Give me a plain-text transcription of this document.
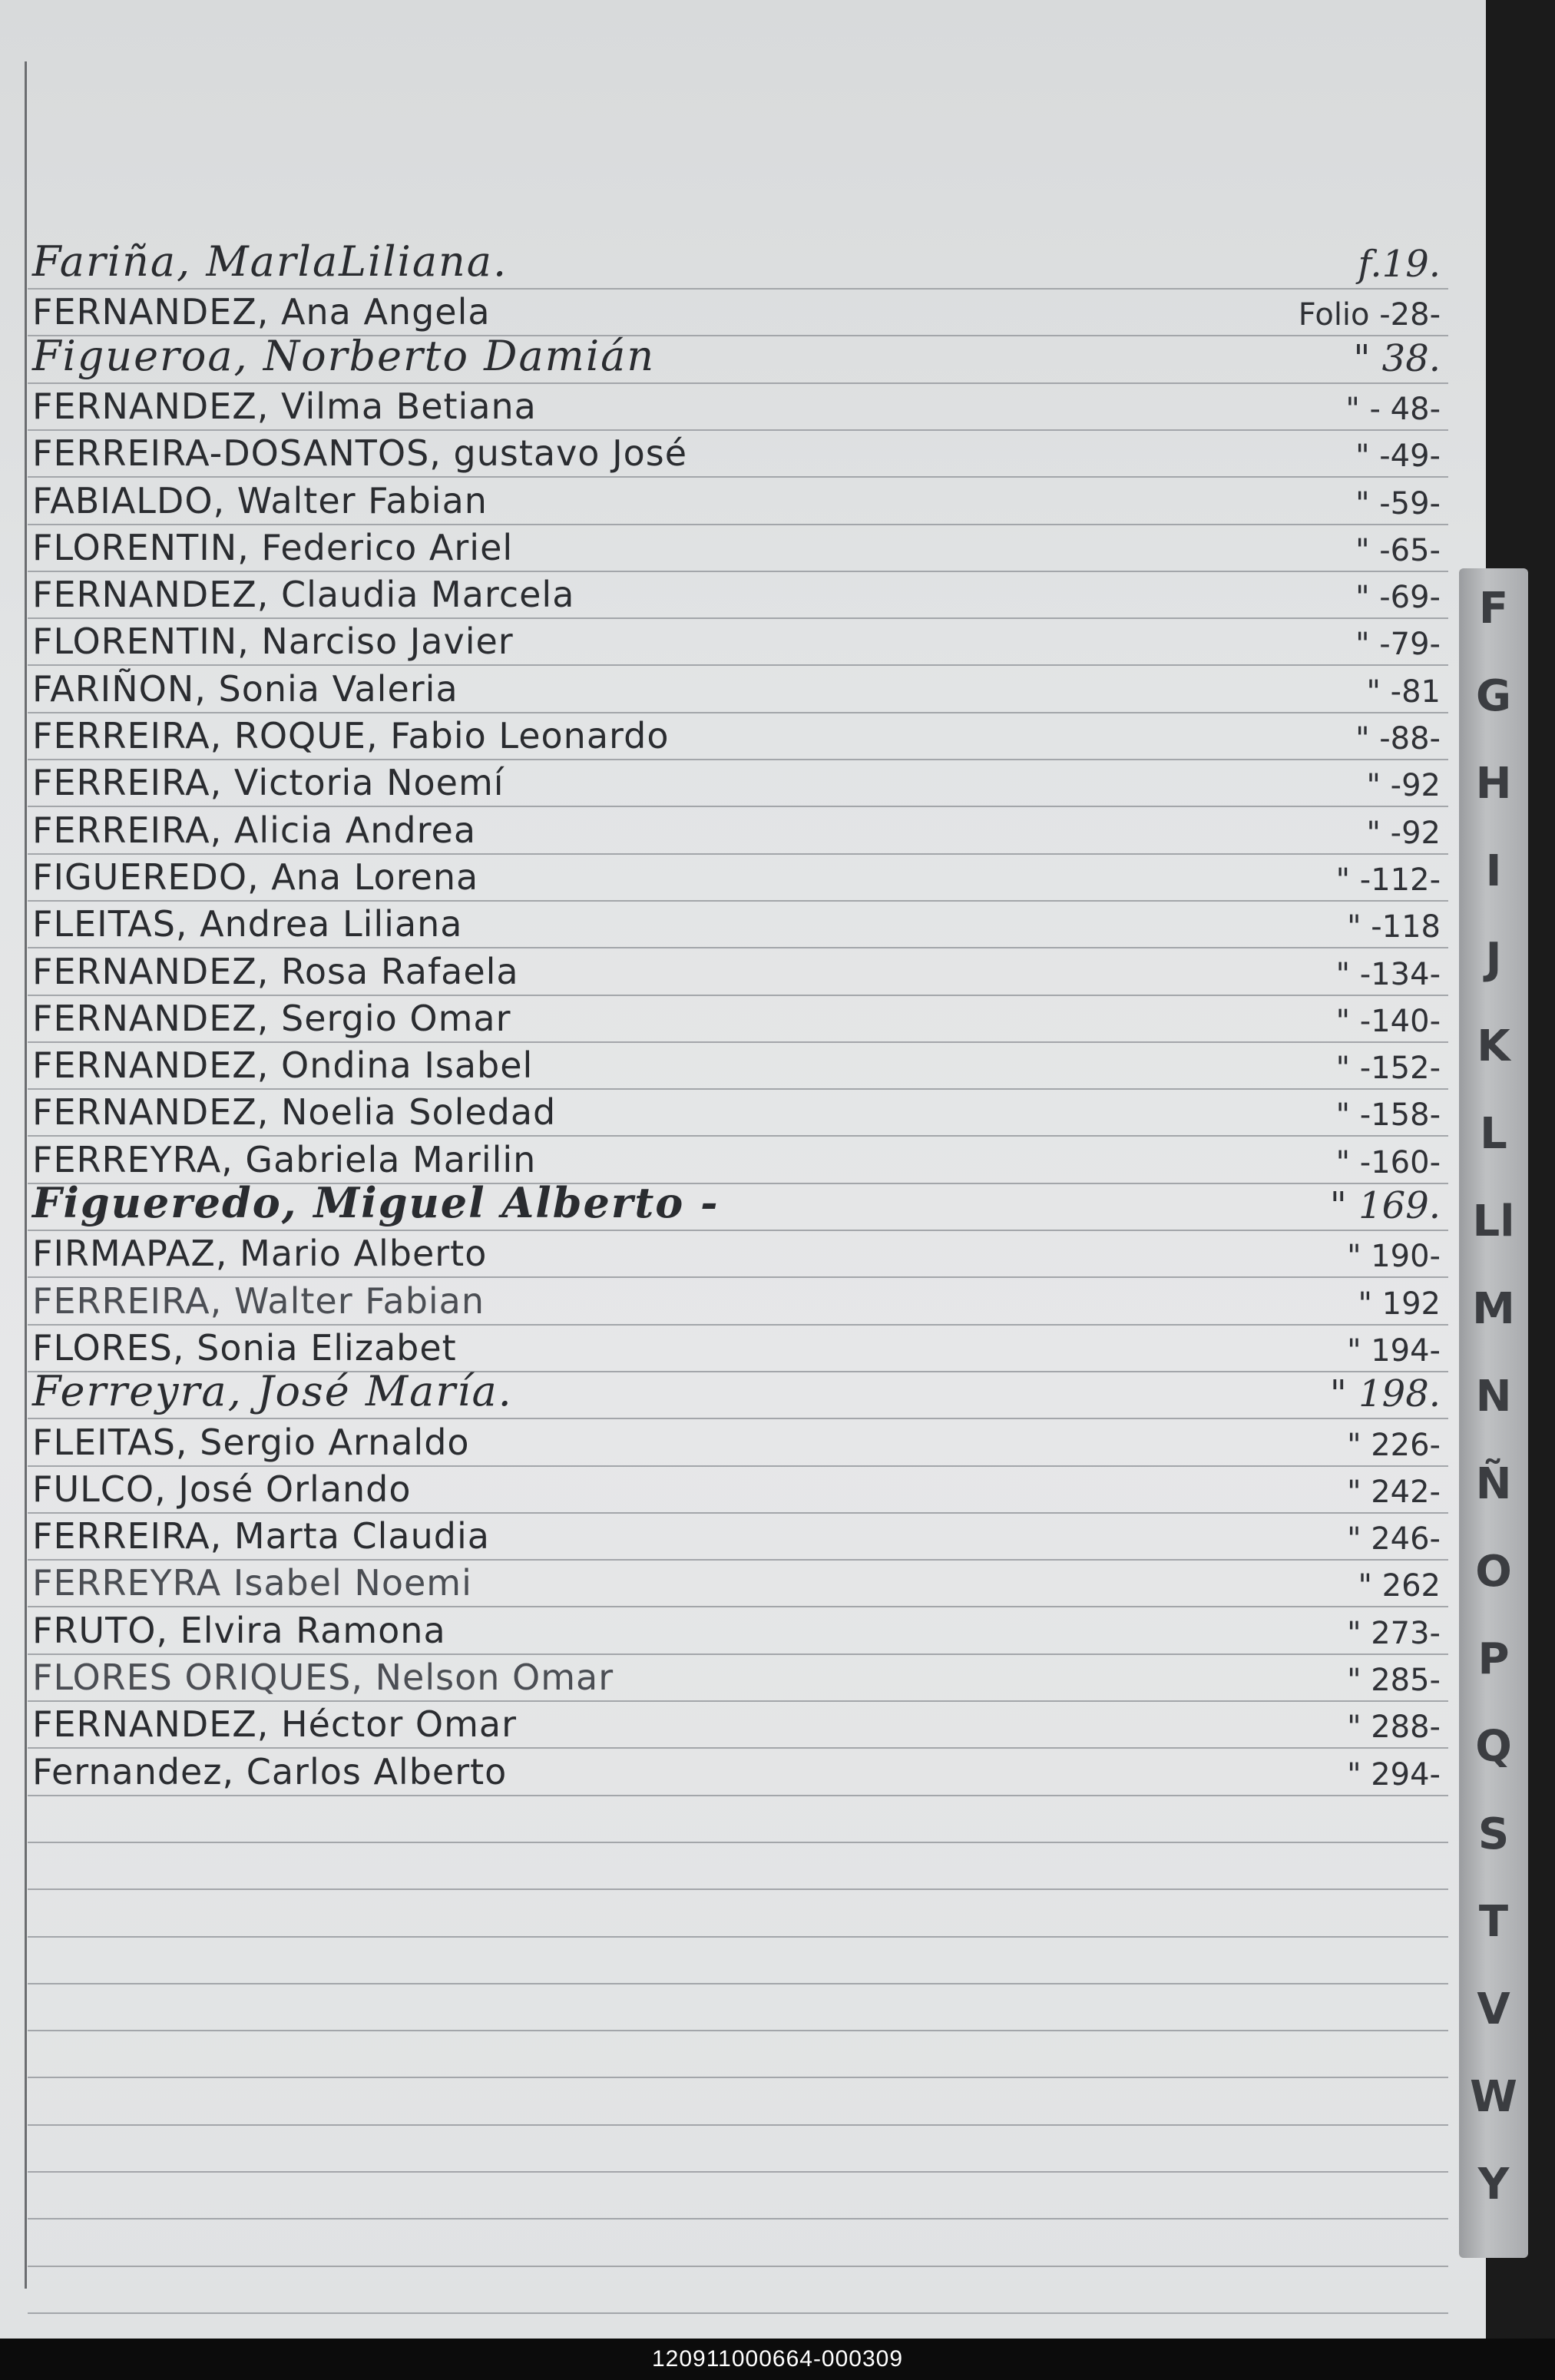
Fariña, MarlaLiliana.	f.19.
FERNANDEZ, Ana Angela	Folio -28-
Figueroa, Norberto Damián	" 38.
FERNANDEZ, Vilma Betiana	" - 48-
FERREIRA-DOSANTOS, gustavo José	" -49-
FABIALDO, Walter Fabian	" -59-
FLORENTIN, Federico Ariel	" -65-
FERNANDEZ, Claudia Marcela	" -69-
FLORENTIN, Narciso Javier	" -79-
FARIÑON, Sonia Valeria	" -81
FERREIRA, ROQUE, Fabio Leonardo	" -88-
FERREIRA, Victoria Noemí	" -92
FERREIRA, Alicia Andrea	" -92
FIGUEREDO, Ana Lorena	" -112-
FLEITAS, Andrea Liliana	" -118
FERNANDEZ, Rosa Rafaela	" -134-
FERNANDEZ, Sergio Omar	" -140-
FERNANDEZ, Ondina Isabel	" -152-
FERNANDEZ, Noelia Soledad	" -158-
FERREYRA, Gabriela Marilin	" -160-
Figueredo, Miguel Alberto -	" 169.
FIRMAPAZ, Mario Alberto	" 190-
FERREIRA, Walter Fabian	" 192
FLORES, Sonia Elizabet	" 194-
Ferreyra, José María.	" 198.
FLEITAS, Sergio Arnaldo	" 226-
FULCO, José Orlando	" 242-
FERREIRA, Marta Claudia	" 246-
FERREYRA Isabel Noemi	" 262
FRUTO, Elvira Ramona	" 273-
FLORES ORIQUES, Nelson Omar	" 285-
FERNANDEZ, Héctor Omar	" 288-
Fernandez, Carlos Alberto	" 294-
F
G
H
I
J
K
L
Ll
M
N
Ñ
O
P
Q
S
T
V
W
Y
120911000664-000309
